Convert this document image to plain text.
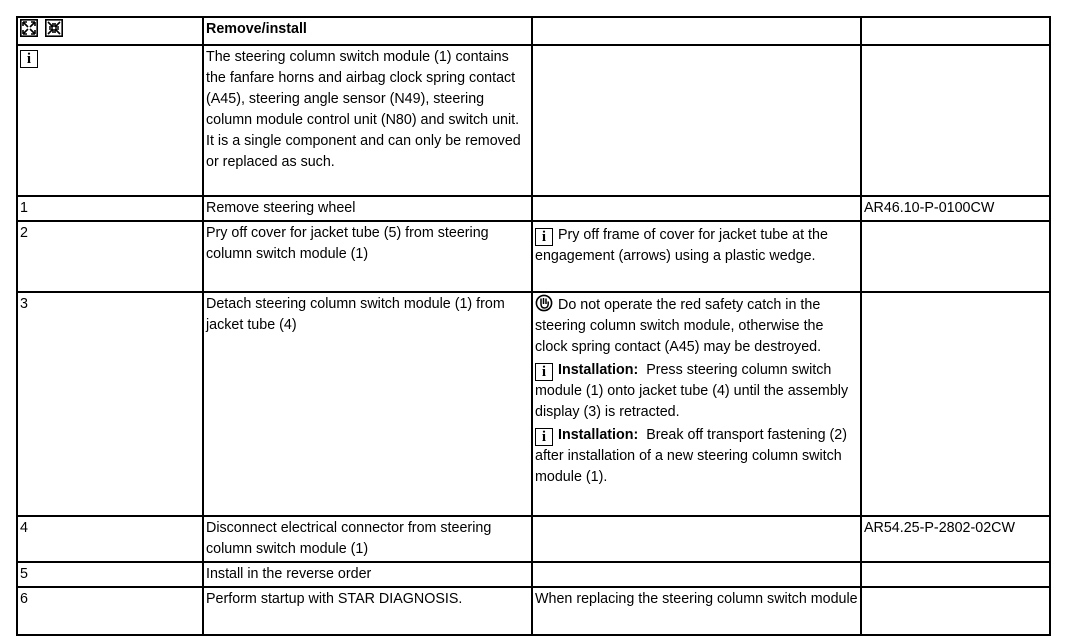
	Remove/install		
i	The steering column switch module (1) contains the fanfare horns and airbag clock spring contact (A45), steering angle sensor (N49), steering column module control unit (N80) and switch unit. It is a single component and can only be removed or replaced as such.		
1	Remove steering wheel		AR46.10-P-0100CW
2	Pry off cover for jacket tube (5) from steering column switch module (1)	i Pry off frame of cover for jacket tube at the engagement (arrows) using a plastic wedge.	
3	Detach steering column switch module (1) from jacket tube (4)	Do not operate the red safety catch in the steering column switch module, otherwise the clock spring contact (A45) may be destroyed.
i Installation: Press steering column switch module (1) onto jacket tube (4) until the assembly display (3) is retracted.
i Installation: Break off transport fastening (2) after installation of a new steering column switch module (1).	

4	Disconnect electrical connector from steering column switch module (1)		AR54.25-P-2802-02CW
5	Install in the reverse order		
6	Perform startup with STAR DIAGNOSIS.	When replacing the steering column switch module	
